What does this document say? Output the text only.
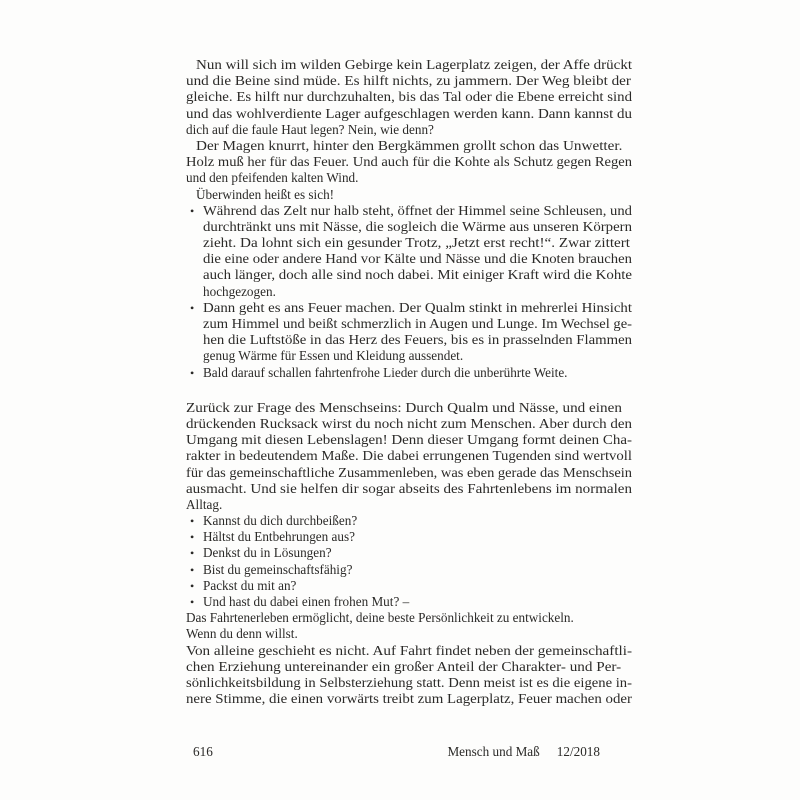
Nun will sich im wilden Gebirge kein Lagerplatz zeigen, der Affe drückt
und die Beine sind müde. Es hilft nichts, zu jammern. Der Weg bleibt der
gleiche. Es hilft nur durchzuhalten, bis das Tal oder die Ebene erreicht sind
und das wohlverdiente Lager aufgeschlagen werden kann. Dann kannst du
dich auf die faule Haut legen? Nein, wie denn?
Der Magen knurrt, hinter den Bergkämmen grollt schon das Unwetter.
Holz muß her für das Feuer. Und auch für die Kohte als Schutz gegen Regen
und den pfeifenden kalten Wind.
Überwinden heißt es sich!
• Während das Zelt nur halb steht, öffnet der Himmel seine Schleusen, und
durchtränkt uns mit Nässe, die sogleich die Wärme aus unseren Körpern
zieht. Da lohnt sich ein gesunder Trotz, „Jetzt erst recht!“. Zwar zittert
die eine oder andere Hand vor Kälte und Nässe und die Knoten brauchen
auch länger, doch alle sind noch dabei. Mit einiger Kraft wird die Kohte
hochgezogen.
• Dann geht es ans Feuer machen. Der Qualm stinkt in mehrerlei Hinsicht
zum Himmel und beißt schmerzlich in Augen und Lunge. Im Wechsel ge-
hen die Luftstöße in das Herz des Feuers, bis es in prasselnden Flammen
genug Wärme für Essen und Kleidung aussendet.
• Bald darauf schallen fahrtenfrohe Lieder durch die unberührte Weite.
Zurück zur Frage des Menschseins: Durch Qualm und Nässe, und einen
drückenden Rucksack wirst du noch nicht zum Menschen. Aber durch den
Umgang mit diesen Lebenslagen! Denn dieser Umgang formt deinen Cha-
rakter in bedeutendem Maße. Die dabei errungenen Tugenden sind wertvoll
für das gemeinschaftliche Zusammenleben, was eben gerade das Menschsein
ausmacht. Und sie helfen dir sogar abseits des Fahrtenlebens im normalen
Alltag.
• Kannst du dich durchbeißen?
• Hältst du Entbehrungen aus?
• Denkst du in Lösungen?
• Bist du gemeinschaftsfähig?
• Packst du mit an?
• Und hast du dabei einen frohen Mut? –
Das Fahrtenerleben ermöglicht, deine beste Persönlichkeit zu entwickeln.
Wenn du denn willst.
Von alleine geschieht es nicht. Auf Fahrt findet neben der gemeinschaftli-
chen Erziehung untereinander ein großer Anteil der Charakter- und Per-
sönlichkeitsbildung in Selbsterziehung statt. Denn meist ist es die eigene in-
nere Stimme, die einen vorwärts treibt zum Lagerplatz, Feuer machen oder
616	Mensch und Maß 12/2018
